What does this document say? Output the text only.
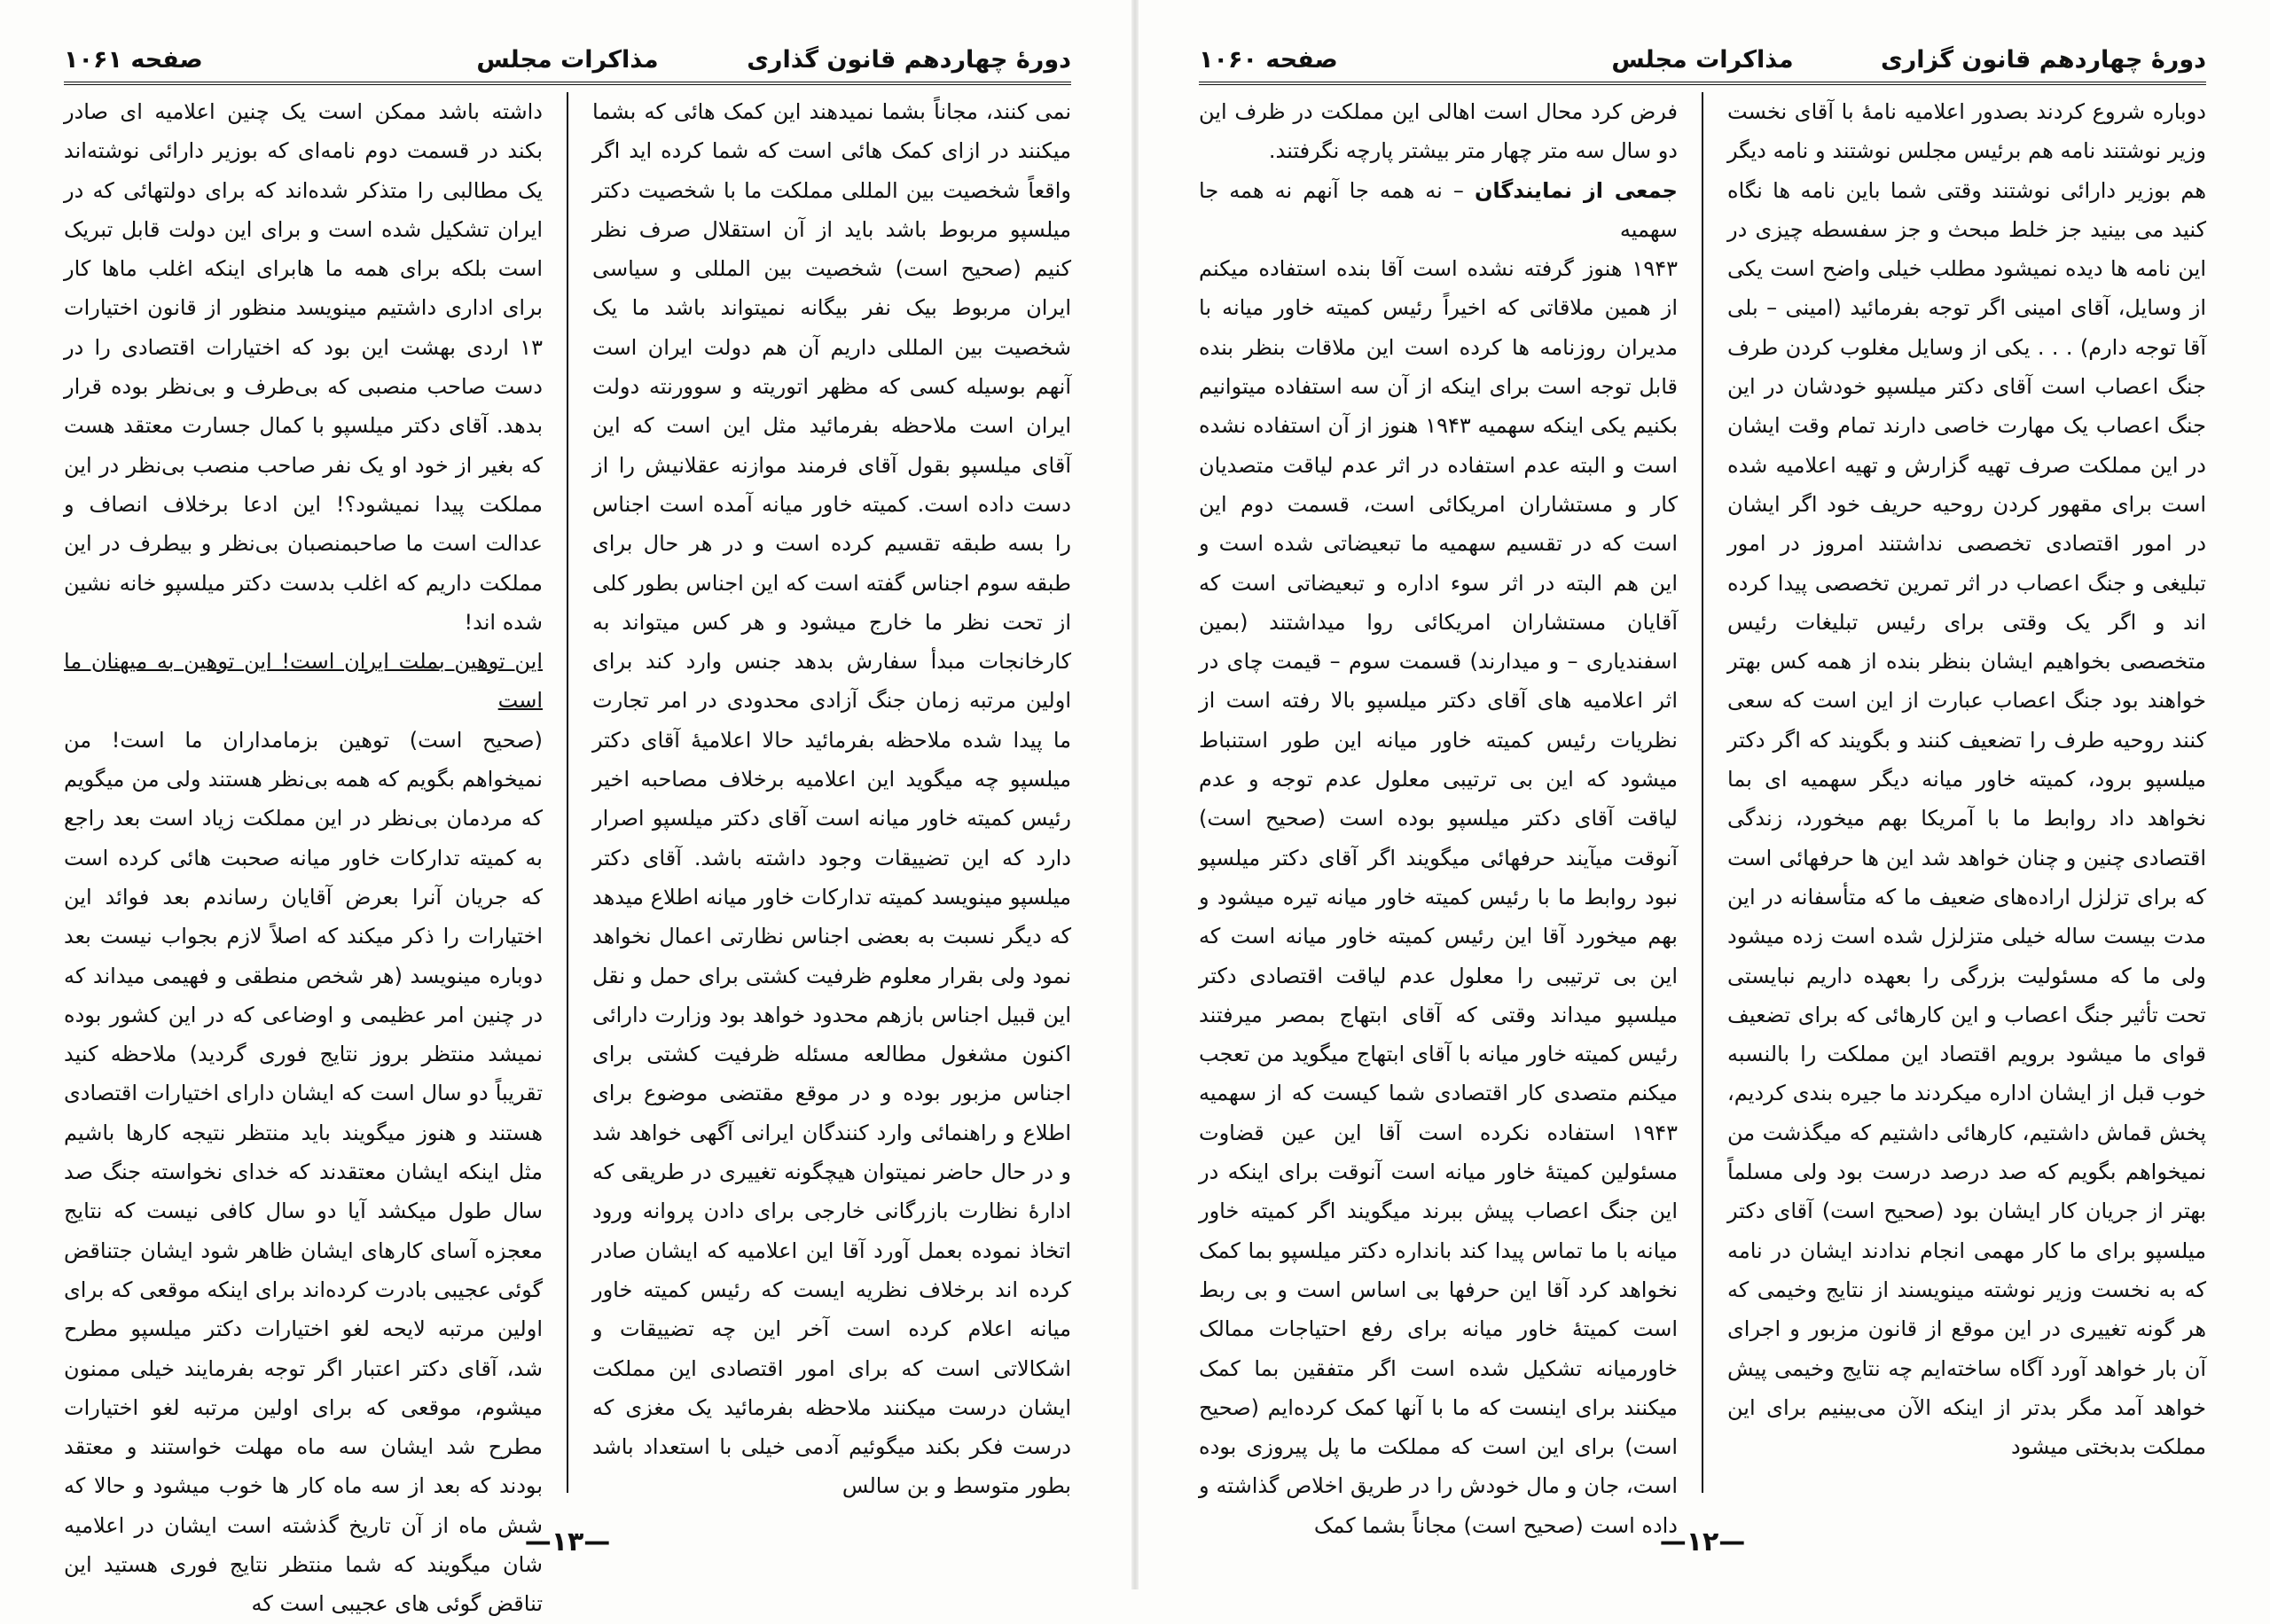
دورهٔ چهاردهم قانون گذاری
مذاکرات مجلس
صفحه ۱۰۶۱

نمی کنند، مجاناً بشما نمیدهند این کمک هائی که بشما میکنند در ازای کمک هائی است که شما کرده اید اگر واقعاً شخصیت بین المللی مملکت ما با شخصیت دکتر میلسپو مربوط باشد باید از آن استقلال صرف نظر کنیم (صحیح است) شخصیت بین المللی و سیاسی ایران مربوط بیک نفر بیگانه نمیتواند باشد ما یک شخصیت بین المللی داریم آن هم دولت ایران است آنهم بوسیله کسی که مظهر اتوریته و سوورنته دولت ایران است ملاحظه بفرمائید مثل این است که این آقای میلسپو بقول آقای فرمند موازنه عقلانیش را از دست داده است. کمیته خاور میانه آمده است اجناس را بسه طبقه تقسیم کرده است و در هر حال برای طبقه سوم اجناس گفته است که این اجناس بطور کلی از تحت نظر ما خارج میشود و هر کس میتواند به کارخانجات مبدأ سفارش بدهد جنس وارد کند برای اولین مرتبه زمان جنگ آزادی محدودی در امر تجارت ما پیدا شده ملاحظه بفرمائید حالا اعلامیهٔ آقای دکتر میلسپو چه میگوید این اعلامیه برخلاف مصاحبه اخیر رئیس کمیته خاور میانه است آقای دکتر میلسپو اصرار دارد که این تضییقات وجود داشته باشد. آقای دکتر میلسپو مینویسد کمیته تدارکات خاور میانه اطلاع میدهد که دیگر نسبت به بعضی اجناس نظارتی اعمال نخواهد نمود ولی بقرار معلوم ظرفیت کشتی برای حمل و نقل این قبیل اجناس بازهم محدود خواهد بود وزارت دارائی اکنون مشغول مطالعه مسئله ظرفیت کشتی برای اجناس مزبور بوده و در موقع مقتضی موضوع برای اطلاع و راهنمائی وارد کنندگان ایرانی آگهی خواهد شد و در حال حاضر نمیتوان هیچگونه تغییری در طریقی که ادارهٔ نظارت بازرگانی خارجی برای دادن پروانه ورود اتخاذ نموده بعمل آورد آقا این اعلامیه که ایشان صادر کرده اند برخلاف نظریه ایست که رئیس کمیته خاور میانه اعلام کرده است آخر این چه تضییقات و اشکالاتی است که برای امور اقتصادی این مملکت ایشان درست میکنند ملاحظه بفرمائید یک مغزی که درست فکر بکند میگوئیم آدمی خیلی با استعداد باشد بطور متوسط و بن سالس

داشته باشد ممکن است یک چنین اعلامیه ای صادر بکند در قسمت دوم نامه‌ای که بوزیر دارائی نوشته‌اند یک مطالبی را متذکر شده‌اند که برای دولتهائی که در ایران تشکیل شده است و برای این دولت قابل تبریک است بلکه برای همه ما هابرای اینکه اغلب ماها کار برای اداری داشتیم مینویسد منظور از قانون اختیارات ۱۳ اردی بهشت این بود که اختیارات اقتصادی را در دست صاحب منصبی که بی‌طرف و بی‌نظر بوده قرار بدهد. آقای دکتر میلسپو با کمال جسارت معتقد هست که بغیر از خود او یک نفر صاحب منصب بی‌نظر در این مملکت پیدا نمیشود؟! این ادعا برخلاف انصاف و عدالت است ما صاحبمنصبان بی‌نظر و بیطرف در این مملکت داریم که اغلب بدست دکتر میلسپو خانه نشین شده اند!

این توهین بملت ایران است! این توهین به میهنان ما است

(صحیح است) توهین بزمامداران ما است! من نمیخواهم بگویم که همه بی‌نظر هستند ولی من میگویم که مردمان بی‌نظر در این مملکت زیاد است بعد راجع به کمیته تدارکات خاور میانه صحبت هائی کرده است که جریان آنرا بعرض آقایان رساندم بعد فوائد این اختیارات را ذکر میکند که اصلاً لازم بجواب نیست بعد دوباره مینویسد (هر شخص منطقی و فهیمی میداند که در چنین امر عظیمی و اوضاعی که در این کشور بوده نمیشد منتظر بروز نتایج فوری گردید) ملاحظه کنید تقریباً دو سال است که ایشان دارای اختیارات اقتصادی هستند و هنوز میگویند باید منتظر نتیجه کارها باشیم مثل اینکه ایشان معتقدند که خدای نخواسته جنگ صد سال طول میکشد آیا دو سال کافی نیست که نتایج معجزه آسای کارهای ایشان ظاهر شود ایشان جتناقض گوئی عجیبی بادرت کرده‌اند برای اینکه موقعی که برای اولین مرتبه لایحه لغو اختیارات دکتر میلسپو مطرح شد، آقای دکتر اعتبار اگر توجه بفرمایند خیلی ممنون میشوم، موقعی که برای اولین مرتبه لغو اختیارات مطرح شد ایشان سه ماه مهلت خواستند و معتقد بودند که بعد از سه ماه کار ها خوب میشود و حالا که شش ماه از آن تاریخ گذشته است ایشان در اعلامیه شان میگویند که شما منتظر نتایج فوری هستید این تناقض گوئی های عجیبی است که

—۱۳—
دورهٔ چهاردهم قانون گزاری
مذاکرات مجلس
صفحه ۱۰۶۰

دوباره شروع کردند بصدور اعلامیه نامهٔ با آقای نخست وزیر نوشتند نامه هم برئیس مجلس نوشتند و نامه دیگر هم بوزیر دارائی نوشتند وقتی شما باین نامه ها نگاه کنید می بینید جز خلط مبحث و جز سفسطه چیزی در این نامه ها دیده نمیشود مطلب خیلی واضح است یکی از وسایل، آقای امینی اگر توجه بفرمائید (امینی – بلی آقا توجه دارم) . . . یکی از وسایل مغلوب کردن طرف جنگ اعصاب است آقای دکتر میلسپو خودشان در این جنگ اعصاب یک مهارت خاصی دارند تمام وقت ایشان در این مملکت صرف تهیه گزارش و تهیه اعلامیه شده است برای مقهور کردن روحیه حریف خود اگر ایشان در امور اقتصادی تخصصی نداشتند امروز در امور تبلیغی و جنگ اعصاب در اثر تمرین تخصصی پیدا کرده اند و اگر یک وقتی برای رئیس تبلیغات رئیس متخصصی بخواهیم ایشان بنظر بنده از همه کس بهتر خواهند بود جنگ اعصاب عبارت از این است که سعی کنند روحیه طرف را تضعیف کنند و بگویند که اگر دکتر میلسپو برود، کمیته خاور میانه دیگر سهمیه ای بما نخواهد داد روابط ما با آمریکا بهم میخورد، زندگی اقتصادی چنین و چنان خواهد شد این ها حرفهائی است که برای تزلزل اراده‌های ضعیف ما که متأسفانه در این مدت بیست ساله خیلی متزلزل شده است زده میشود ولی ما که مسئولیت بزرگی را بعهده داریم نبایستی تحت تأثیر جنگ اعصاب و این کارهائی که برای تضعیف قوای ما میشود برویم اقتصاد این مملکت را بالنسبه خوب قبل از ایشان اداره میکردند ما جیره بندی کردیم، پخش قماش داشتیم، کارهائی داشتیم که میگذشت من نمیخواهم بگویم که صد درصد درست بود ولی مسلماً بهتر از جریان کار ایشان بود (صحیح است) آقای دکتر میلسپو برای ما کار مهمی انجام ندادند ایشان در نامه که به نخست وزیر نوشته مینویسند از نتایج وخیمی که هر گونه تغییری در این موقع از قانون مزبور و اجرای آن بار خواهد آورد آگاه ساخته‌ایم چه نتایج وخیمی پیش خواهد آمد مگر بدتر از اینکه الآن می‌بینیم برای این مملکت بدبختی میشود

فرض کرد محال است اهالی این مملکت در ظرف این دو سال سه متر چهار متر بیشتر پارچه نگرفتند.

جمعی از نمایندگان – نه همه جا آنهم نه همه جا سهمیه

۱۹۴۳ هنوز گرفته نشده است آقا بنده استفاده میکنم از همین ملاقاتی که اخیراً رئیس کمیته خاور میانه با مدیران روزنامه ها کرده است این ملاقات بنظر بنده قابل توجه است برای اینکه از آن سه استفاده میتوانیم بکنیم یکی اینکه سهمیه ۱۹۴۳ هنوز از آن استفاده نشده است و البته عدم استفاده در اثر عدم لیاقت متصدیان کار و مستشاران امریکائی است، قسمت دوم این است که در تقسیم سهمیه ما تبعیضاتی شده است و این هم البته در اثر سوء اداره و تبعیضاتی است که آقایان مستشاران امریکائی روا میداشتند (بمین اسفندیاری – و میدارند) قسمت سوم – قیمت چای در اثر اعلامیه های آقای دکتر میلسپو بالا رفته است از نظریات رئیس کمیته خاور میانه این طور استنباط میشود که این بی ترتیبی معلول عدم توجه و عدم لیاقت آقای دکتر میلسپو بوده است (صحیح است) آنوقت میآیند حرفهائی میگویند اگر آقای دکتر میلسپو نبود روابط ما با رئیس کمیته خاور میانه تیره میشود و بهم میخورد آقا این رئیس کمیته خاور میانه است که این بی ترتیبی را معلول عدم لیاقت اقتصادی دکتر میلسپو میداند وقتی که آقای ابتهاج بمصر میرفتند رئیس کمیته خاور میانه با آقای ابتهاج میگوید من تعجب میکنم متصدی کار اقتصادی شما کیست که از سهمیه ۱۹۴۳ استفاده نکرده است آقا این عین قضاوت مسئولین کمیتهٔ خاور میانه است آنوقت برای اینکه در این جنگ اعصاب پیش ببرند میگویند اگر کمیته خاور میانه با ما تماس پیدا کند بانداره دکتر میلسپو بما کمک نخواهد کرد آقا این حرفها بی اساس است و بی ربط است کمیتهٔ خاور میانه برای رفع احتیاجات ممالک خاورمیانه تشکیل شده است اگر متفقین بما کمک میکنند برای اینست که ما با آنها کمک کرده‌ایم (صحیح است) برای این است که مملکت ما پل پیروزی بوده است، جان و مال خودش را در طریق اخلاص گذاشته و داده است (صحیح است) مجاناً بشما کمک

—۱۲—
